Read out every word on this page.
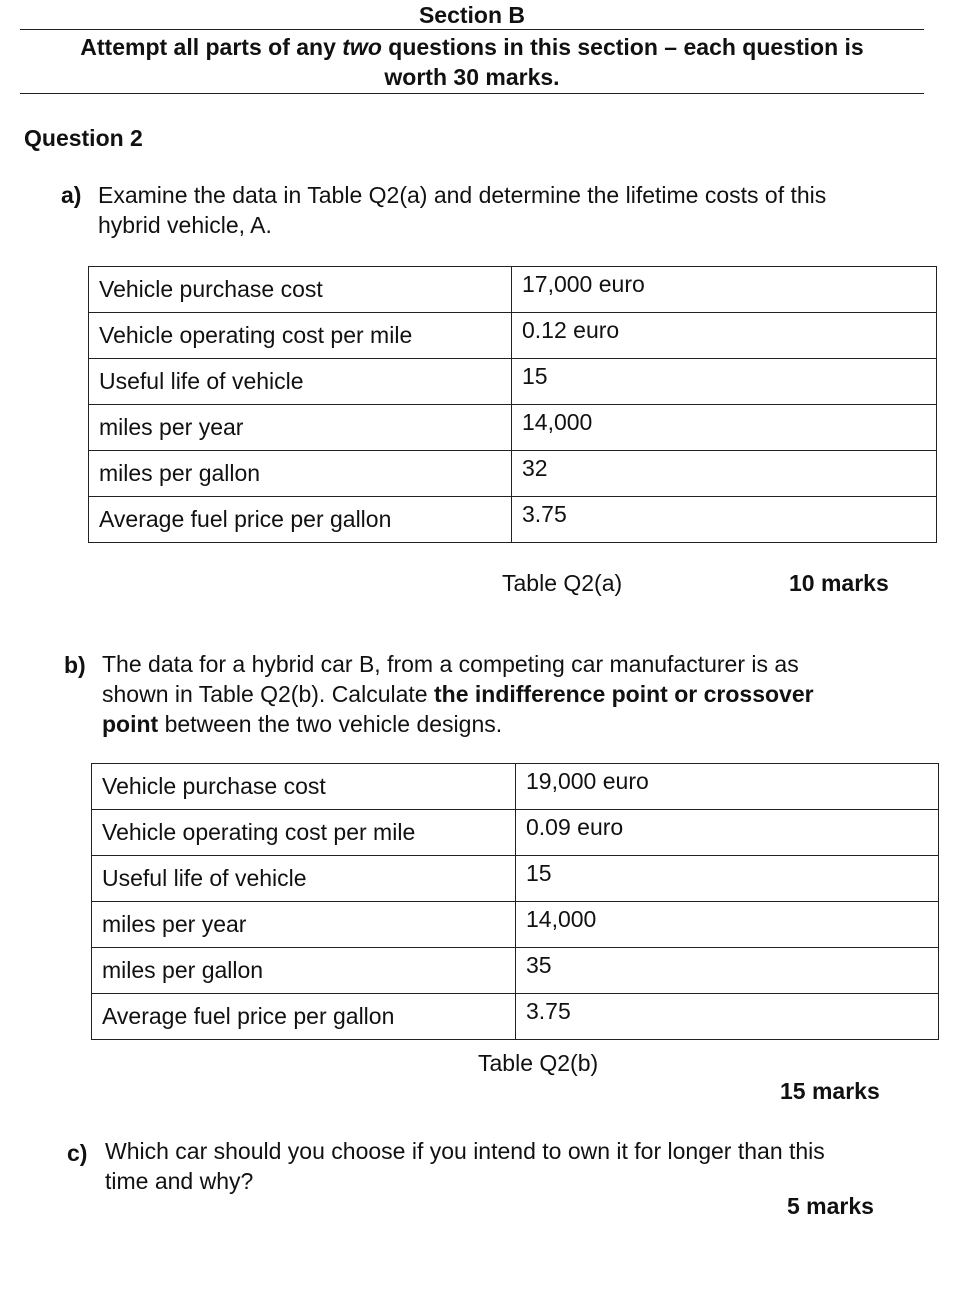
Section B
Attempt all parts of any two questions in this section – each question is
worth 30 marks.
Question 2
a) Examine the data in Table Q2(a) and determine the lifetime costs of this
hybrid vehicle, A.
Vehicle purchase cost	17,000 euro
Vehicle operating cost per mile	0.12 euro
Useful life of vehicle	15
miles per year	14,000
miles per gallon	32
Average fuel price per gallon	3.75
Table Q2(a)	10 marks
b) The data for a hybrid car B, from a competing car manufacturer is as
shown in Table Q2(b). Calculate the indifference point or crossover
point between the two vehicle designs.
Vehicle purchase cost	19,000 euro
Vehicle operating cost per mile	0.09 euro
Useful life of vehicle	15
miles per year	14,000
miles per gallon	35
Average fuel price per gallon	3.75
Table Q2(b)
15 marks
c) Which car should you choose if you intend to own it for longer than this
time and why?
5 marks
